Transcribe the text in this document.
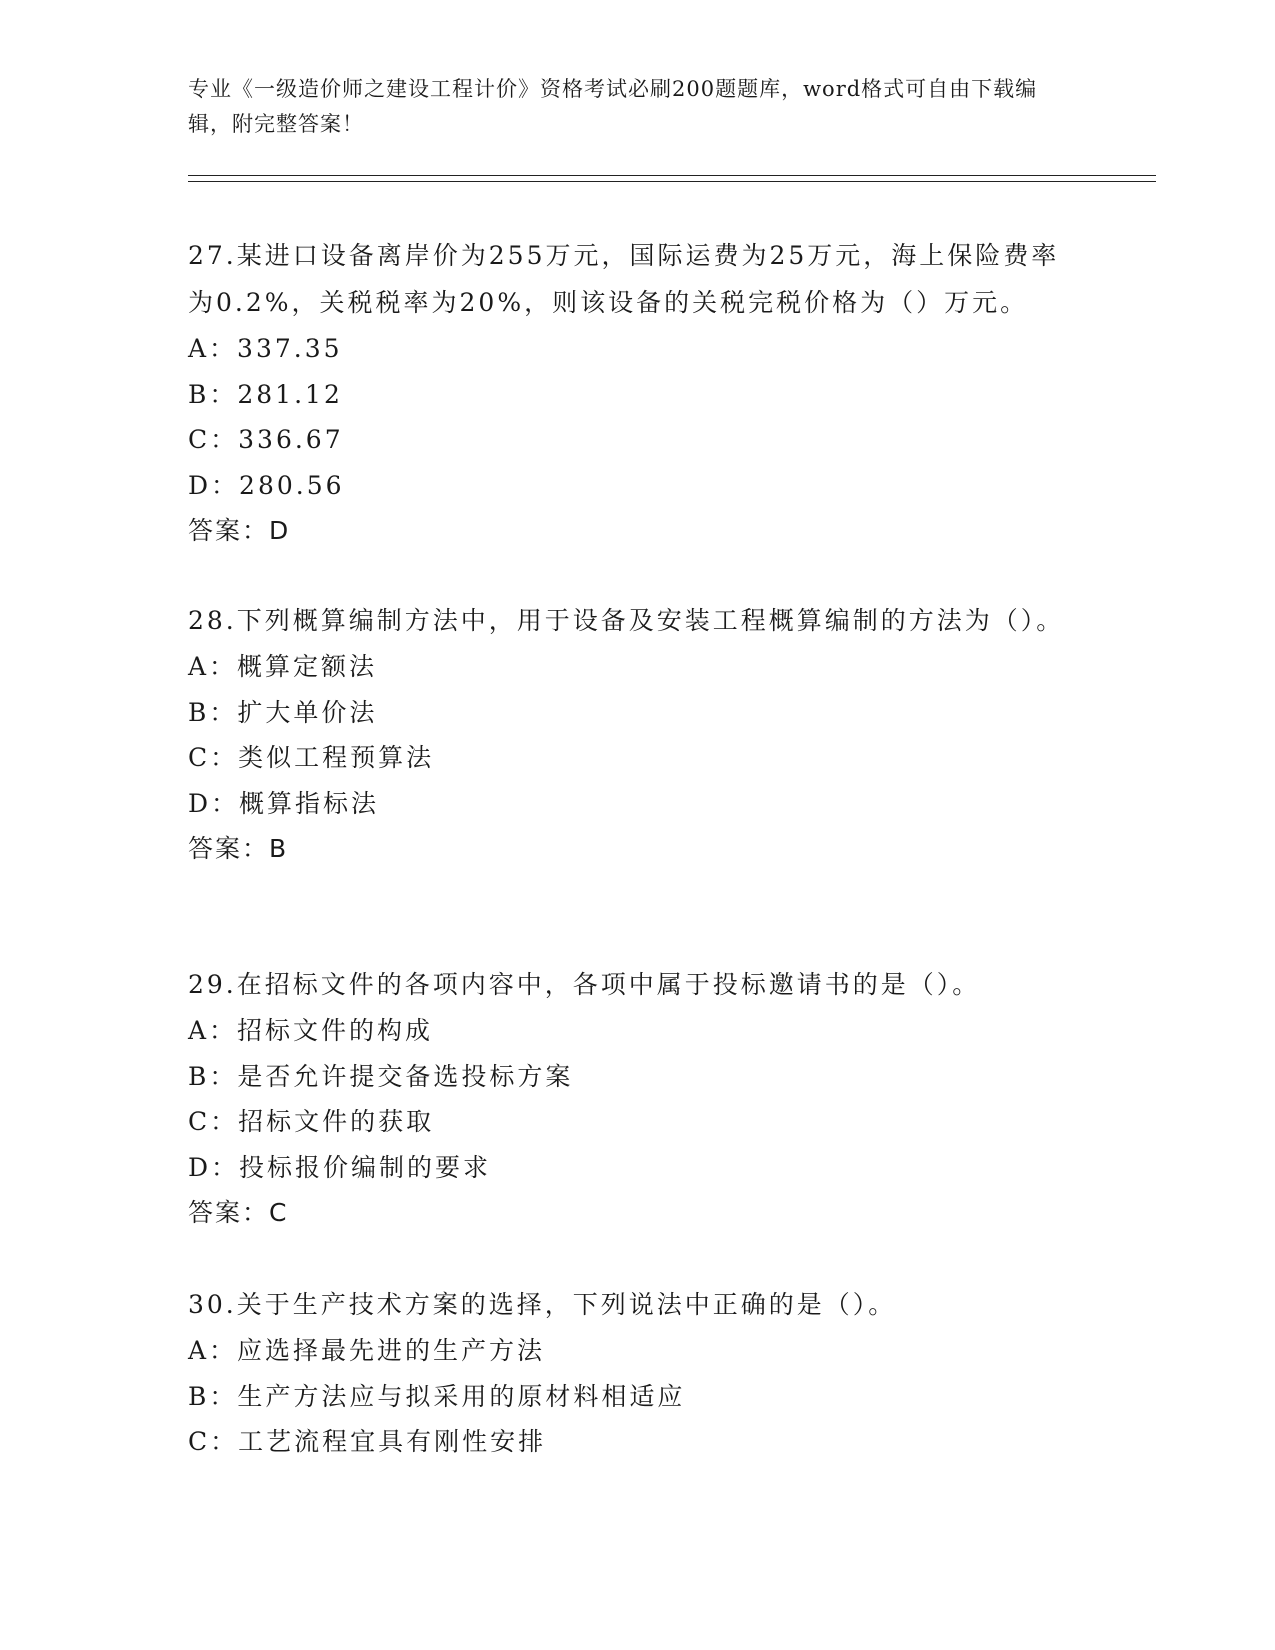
专业《一级造价师之建设工程计价》资格考试必刷200题题库，word格式可自由下载编辑，附完整答案！
27.某进口设备离岸价为255万元，国际运费为25万元，海上保险费率为0.2%，关税税率为20%，则该设备的关税完税价格为（）万元。
A：337.35
B：281.12
C：336.67
D：280.56
答案：D
28.下列概算编制方法中，用于设备及安装工程概算编制的方法为（）。
A：概算定额法
B：扩大单价法
C：类似工程预算法
D：概算指标法
答案：B
29.在招标文件的各项内容中，各项中属于投标邀请书的是（）。
A：招标文件的构成
B：是否允许提交备选投标方案
C：招标文件的获取
D：投标报价编制的要求
答案：C
30.关于生产技术方案的选择，下列说法中正确的是（）。
A：应选择最先进的生产方法
B：生产方法应与拟采用的原材料相适应
C：工艺流程宜具有刚性安排
